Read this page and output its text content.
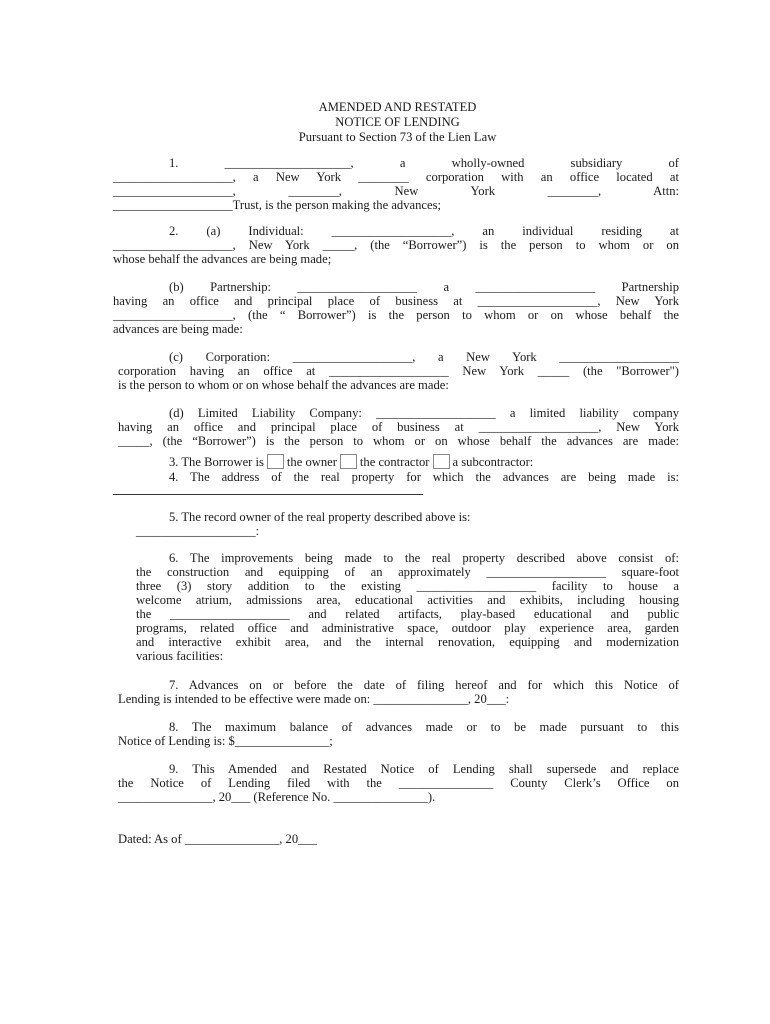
AMENDED AND RESTATED
NOTICE OF LENDING
Pursuant to Section 73 of the Lien Law
1. ____________________, a wholly-owned subsidiary of
___________________, a New York ________ corporation with an office located at
___________________, ________, New York ________, Attn:
___________________Trust, is the person making the advances;
2. (a) Individual: ___________________, an individual residing at
___________________, New York _____, (the “Borrower”) is the person to whom or on
whose behalf the advances are being made;
(b) Partnership: ___________________ a ___________________ Partnership
having an office and principal place of business at ___________________, New York
___________________, (the “ Borrower”) is the person to whom or on whose behalf the
advances are being made:
(c) Corporation: ___________________, a New York ___________________
corporation having an office at ___________________ New York _____ (the "Borrower")
is the person to whom or on whose behalf the advances are made:
(d) Limited Liability Company: ___________________ a limited liability company
having an office and principal place of business at ___________________, New York
_____, (the “Borrower”) is the person to whom or on whose behalf the advances are made:
3. The Borrower is the owner the contractor a subcontractor:
4. The address of the real property for which the advances are being made is:
5. The record owner of the real property described above is:
___________________:
6. The improvements being made to the real property described above consist of:
the construction and equipping of an approximately ___________________ square-foot
three (3) story addition to the existing ___________________ facility to house a
welcome atrium, admissions area, educational activities and exhibits, including housing
the ___________________ and related artifacts, play-based educational and public
programs, related office and administrative space, outdoor play experience area, garden
and interactive exhibit area, and the internal renovation, equipping and modernization
various facilities:
7. Advances on or before the date of filing hereof and for which this Notice of
Lending is intended to be effective were made on: _______________, 20___:
8. The maximum balance of advances made or to be made pursuant to this
Notice of Lending is: $_______________;
9. This Amended and Restated Notice of Lending shall supersede and replace
the Notice of Lending filed with the _______________ County Clerk’s Office on
_______________, 20___ (Reference No. _______________).
Dated: As of _______________, 20___
